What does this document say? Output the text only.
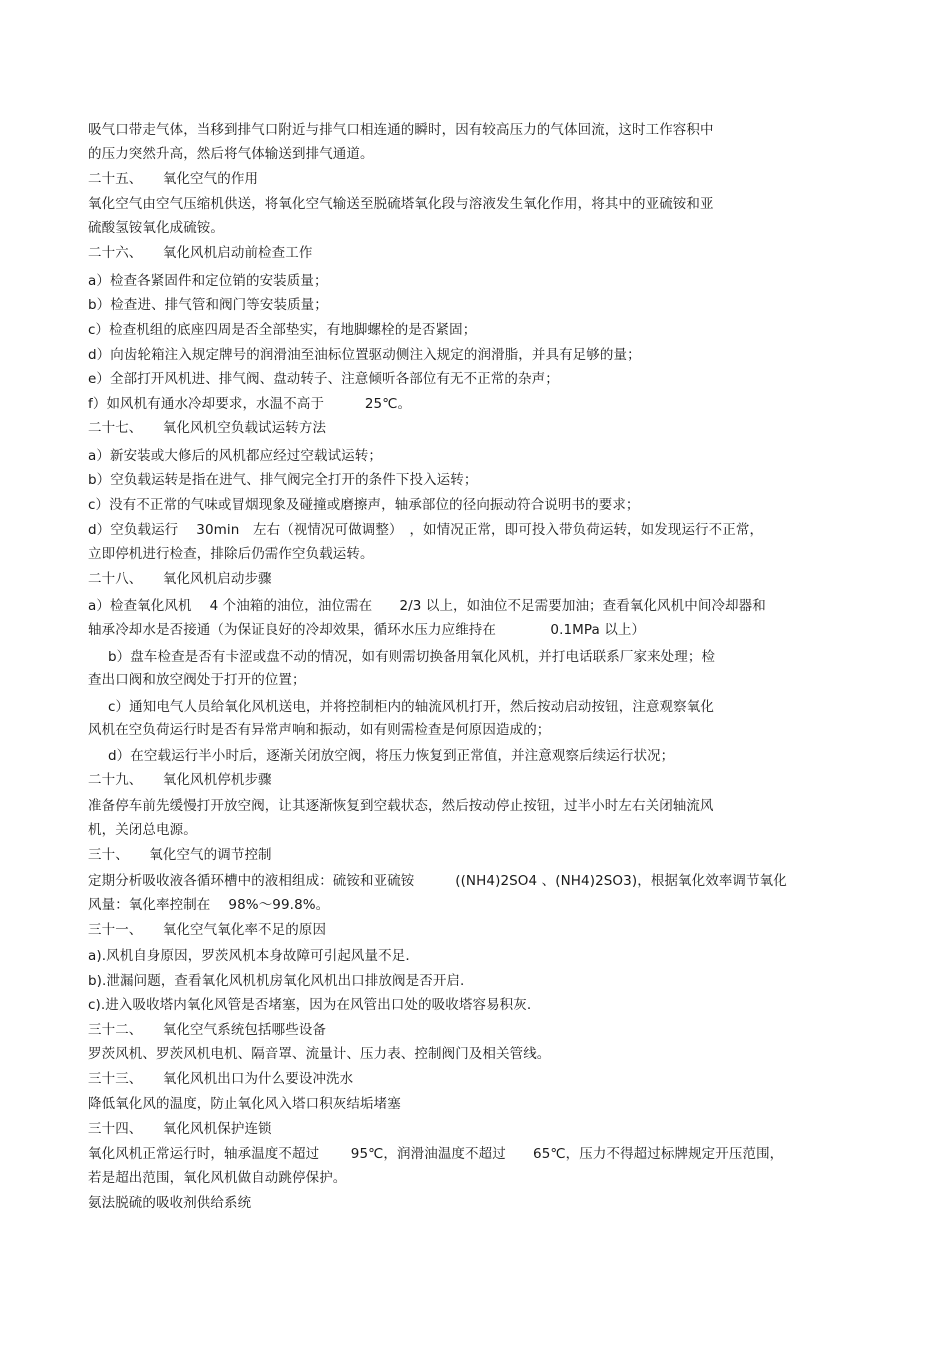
吸气口带走气体，当移到排气口附近与排气口相连通的瞬时，因有较高压力的气体回流，这时工作容积中
的压力突然升高，然后将气体输送到排气通道。
二十五、　　氧化空气的作用
氧化空气由空气压缩机供送，将氧化空气输送至脱硫塔氧化段与溶液发生氧化作用，将其中的亚硫铵和亚
硫酸氢铵氧化成硫铵。
二十六、　　氧化风机启动前检查工作
a）检查各紧固件和定位销的安装质量；
b）检查进、排气管和阀门等安装质量；
c）检查机组的底座四周是否全部垫实，有地脚螺栓的是否紧固；
d）向齿轮箱注入规定牌号的润滑油至油标位置驱动侧注入规定的润滑脂，并具有足够的量；
e）全部打开风机进、排气阀、盘动转子、注意倾听各部位有无不正常的杂声；
f）如风机有通水冷却要求，水温不高于　　　25℃。
二十七、　　氧化风机空负载试运转方法
a）新安装或大修后的风机都应经过空载试运转；
b）空负载运转是指在进气、排气阀完全打开的条件下投入运转；
c）没有不正常的气味或冒烟现象及碰撞或磨擦声，轴承部位的径向振动符合说明书的要求；
d）空负载运行　 30min　左右（视情况可做调整）　，如情况正常，即可投入带负荷运转，如发现运行不正常，
立即停机进行检查，排除后仍需作空负载运转。
二十八、　　氧化风机启动步骤
a）检查氧化风机　 4 个油箱的油位，油位需在　　2/3 以上，如油位不足需要加油；查看氧化风机中间冷却器和
轴承冷却水是否接通（为保证良好的冷却效果，循环水压力应维持在　　　　0.1MPa 以上）
b）盘车检查是否有卡涩或盘不动的情况，如有则需切换备用氧化风机，并打电话联系厂家来处理；检
查出口阀和放空阀处于打开的位置；
c）通知电气人员给氧化风机送电，并将控制柜内的轴流风机打开，然后按动启动按钮，注意观察氧化
风机在空负荷运行时是否有异常声响和振动，如有则需检查是何原因造成的；
d）在空载运行半小时后，逐渐关闭放空阀，将压力恢复到正常值，并注意观察后续运行状况；
二十九、　　氧化风机停机步骤
准备停车前先缓慢打开放空阀，让其逐渐恢复到空载状态，然后按动停止按钮，过半小时左右关闭轴流风
机，关闭总电源。
三十、　　氧化空气的调节控制
定期分析吸收液各循环槽中的液相组成：硫铵和亚硫铵　　　((NH4)2SO4 、(NH4)2SO3)，根据氧化效率调节氧化
风量：氧化率控制在　 98%～99.8%。
三十一、　　氧化空气氧化率不足的原因
a).风机自身原因，罗茨风机本身故障可引起风量不足.
b).泄漏问题，查看氧化风机机房氧化风机出口排放阀是否开启.
c).进入吸收塔内氧化风管是否堵塞，因为在风管出口处的吸收塔容易积灰.
三十二、　　氧化空气系统包括哪些设备
罗茨风机、罗茨风机电机、隔音罩、流量计、压力表、控制阀门及相关管线。
三十三、　　氧化风机出口为什么要设冲洗水
降低氧化风的温度，防止氧化风入塔口积灰结垢堵塞
三十四、　　氧化风机保护连锁
氧化风机正常运行时，轴承温度不超过　　 95℃，润滑油温度不超过　　65℃，压力不得超过标牌规定开压范围，
若是超出范围，氧化风机做自动跳停保护。
氨法脱硫的吸收剂供给系统
